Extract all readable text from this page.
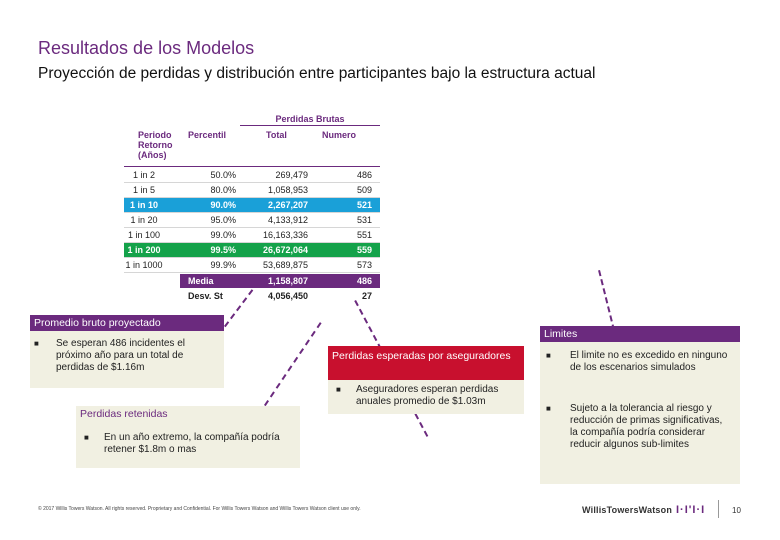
Resultados de los Modelos
Proyección de perdidas y distribución entre participantes bajo la estructura actual
Perdidas Brutas
Periodo Retorno (Años)
Percentil	Total	Numero
1 in 2	50.0%	269,479	486
1 in 5	80.0%	1,058,953	509
1 in 10	90.0%	2,267,207	521
1 in 20	95.0%	4,133,912	531
1 in 100	99.0%	16,163,336	551
1 in 200	99.5%	26,672,064	559
1 in 1000	99.9%	53,689,875	573
Media	1,158,807	486
Desv. St	4,056,450	27
Promedio bruto proyectado
■ Se esperan 486 incidentes el próximo año para un total de perdidas de $1.16m
Perdidas retenidas
■ En un año extremo, la compañía podría retener $1.8m o mas
Perdidas esperadas por aseguradores
■ Aseguradores esperan perdidas anuales promedio de $1.03m
Limites
■ El limite no es excedido en ninguno de los escenarios simulados
■ Sujeto a la tolerancia al riesgo y reducción de primas significativas, la compañía podría considerar reducir algunos sub-limites
© 2017 Willis Towers Watson. All rights reserved. Proprietary and Confidential. For Willis Towers Watson and Willis Towers Watson client use only.	WillisTowersWatson I·I'I·I	10
